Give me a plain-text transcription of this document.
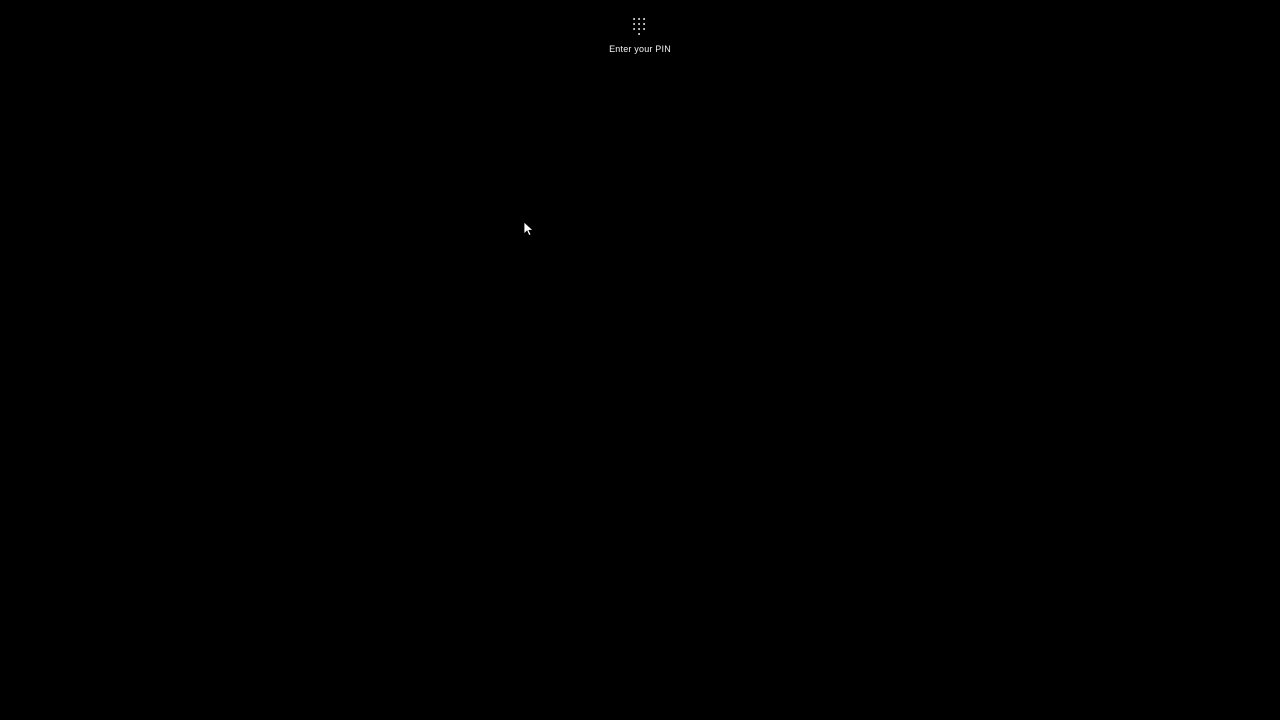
Enter your PIN
